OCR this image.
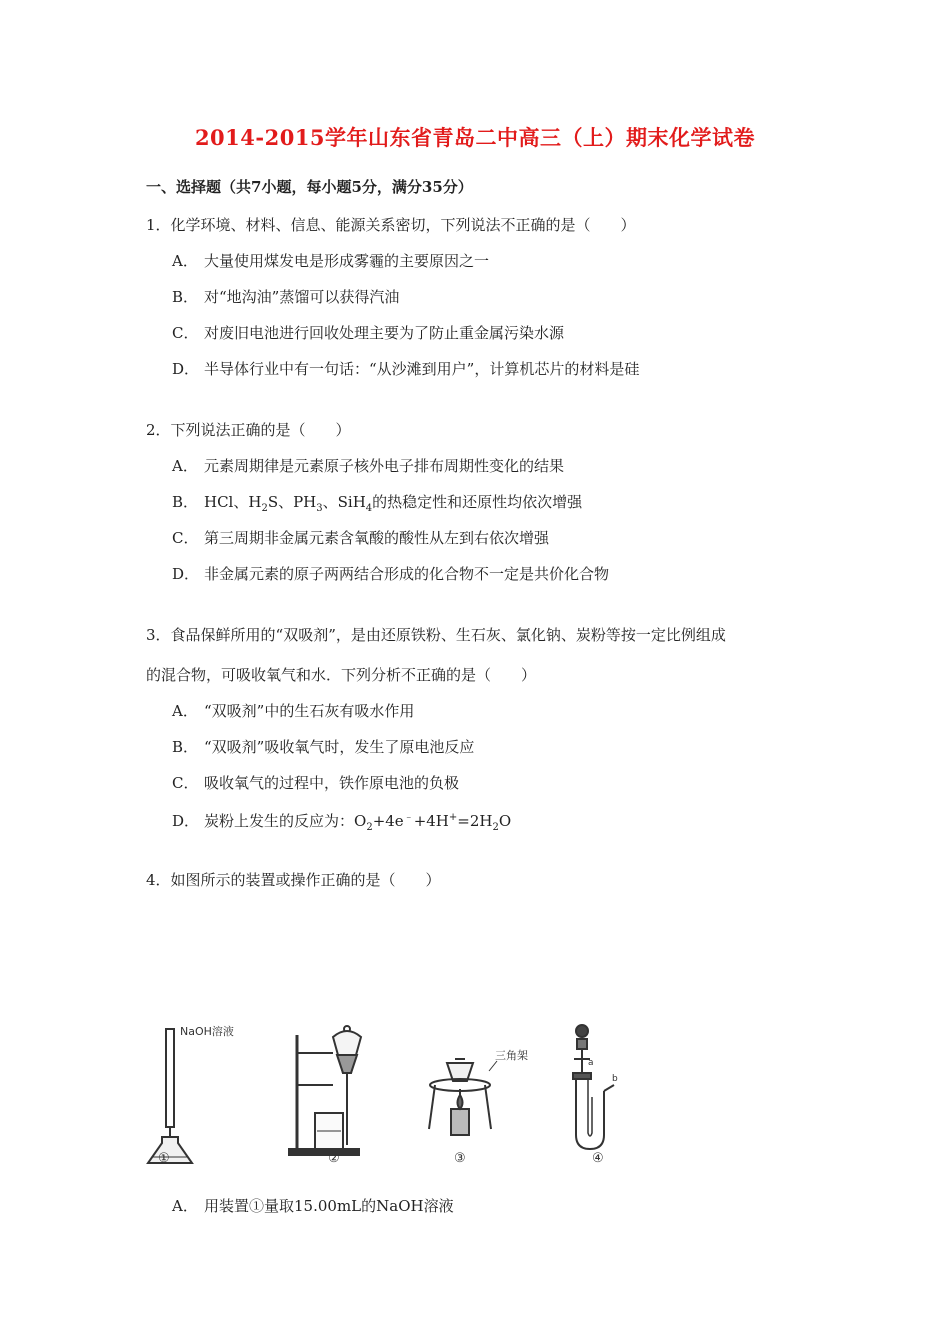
2014-2015学年山东省青岛二中高三（上）期末化学试卷
一、选择题（共7小题，每小题5分，满分35分）
1．化学环境、材料、信息、能源关系密切，下列说法不正确的是（　　）
A． 大量使用煤发电是形成雾霾的主要原因之一
B． 对“地沟油”蒸馏可以获得汽油
C． 对废旧电池进行回收处理主要为了防止重金属污染水源
D． 半导体行业中有一句话：“从沙滩到用户”，计算机芯片的材料是硅
2．下列说法正确的是（　　）
A． 元素周期律是元素原子核外电子排布周期性变化的结果
B． HCl、$H_2S$、$PH_3$、SiH$_4$的热稳定性和还原性均依次增强
C． 第三周期非金属元素含氧酸的酸性从左到右依次增强
D． 非金属元素的原子两两结合形成的化合物不一定是共价化合物
3．食品保鲜所用的“双吸剂”，是由还原铁粉、生石灰、氯化钠、炭粉等按一定比例组成
的混合物，可吸收氧气和水．下列分析不正确的是（　　）
A． “双吸剂”中的生石灰有吸水作用
B． “双吸剂”吸收氧气时，发生了原电池反应
C． 吸收氧气的过程中，铁作原电池的负极
D． 炭粉上发生的反应为：$O_2+4e^﹣+4H^+=2H_2O$
4．如图所示的装置或操作正确的是（　　）
NaOH溶液
①	②
三角架
③
a
b
④
A． 用装置①量取15.00mL的NaOH溶液
